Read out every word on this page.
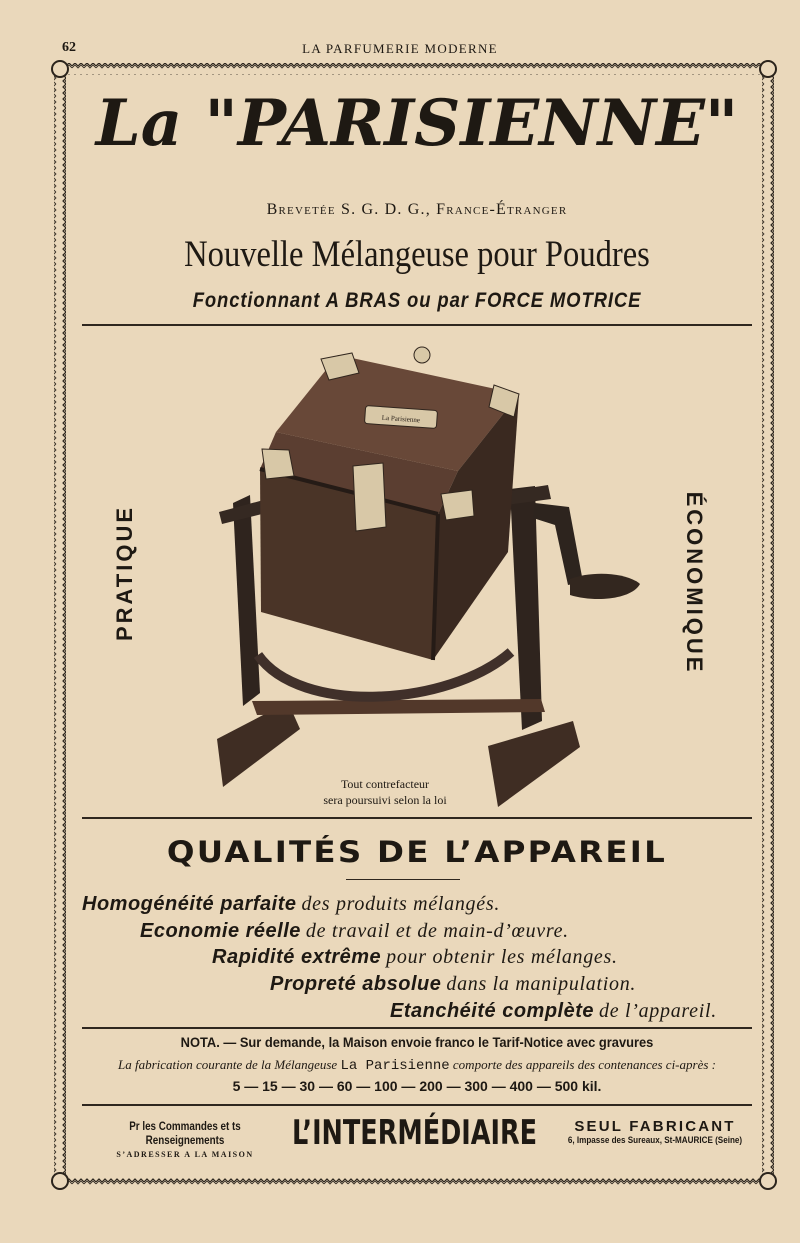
62	LA PARFUMERIE MODERNE
La "PARISIENNE"
Brevetée S. G. D. G., France-Étranger
Nouvelle Mélangeuse pour Poudres
Fonctionnant A BRAS ou par FORCE MOTRICE
PRATIQUE	ÉCONOMIQUE
La Parisienne
Tout contrefacteur
sera poursuivi selon la loi
QUALITÉS DE L’APPAREIL
Homogénéité parfaite des produits mélangés.
Economie réelle de travail et de main-d’œuvre.
Rapidité extrême pour obtenir les mélanges.
Propreté absolue dans la manipulation.
Etanchéité complète de l’appareil.
NOTA. — Sur demande, la Maison envoie franco le Tarif-Notice avec gravures
La fabrication courante de la Mélangeuse La Parisienne comporte des appareils des contenances ci-après :
5 — 15 — 30 — 60 — 100 — 200 — 300 — 400 — 500 kil.
Pr les Commandes et ts Renseignements
S’ADRESSER A LA MAISON
L’INTERMÉDIAIRE	SEUL FABRICANT
6, Impasse des Sureaux, St-MAURICE (Seine)
